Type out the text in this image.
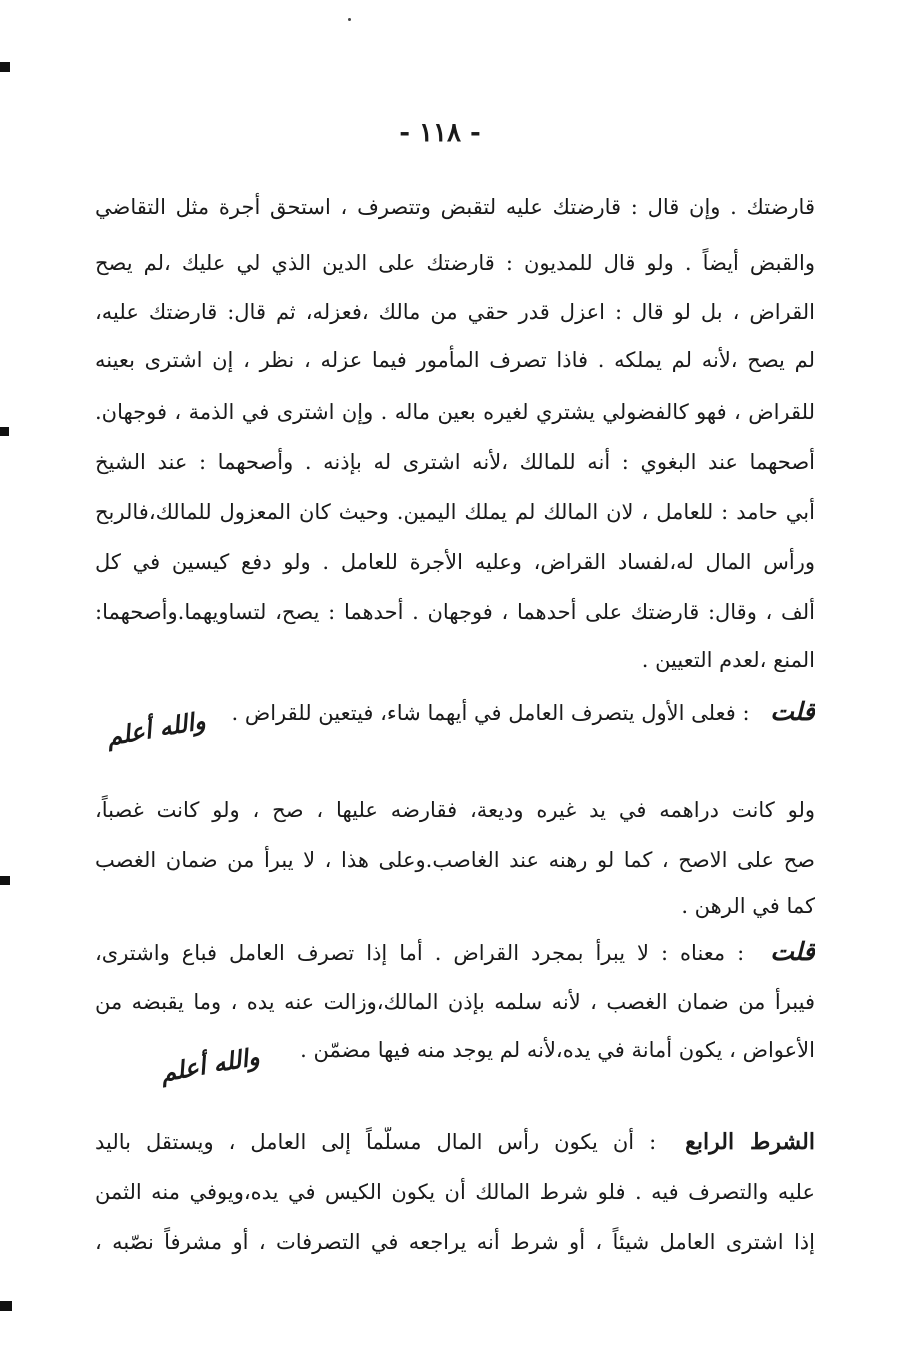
- ١١٨ -
قارضتك . وإن قال : قارضتك عليه لتقبض وتتصرف ، استحق أجرة مثل التقاضي
والقبض أيضاً . ولو قال للمديون : قارضتك على الدين الذي لي عليك ،لم يصح
القراض ، بل لو قال : اعزل قدر حقي من مالك ،فعزله، ثم قال: قارضتك عليه،
لم يصح ،لأنه لم يملكه . فاذا تصرف المأمور فيما عزله ، نظر ، إن اشترى بعينه
للقراض ، فهو كالفضولي يشتري لغيره بعين ماله . وإن اشترى في الذمة ، فوجهان.
أصحهما عند البغوي : أنه للمالك ،لأنه اشترى له بإذنه . وأصحهما : عند الشيخ
أبي حامد : للعامل ، لان المالك لم يملك اليمين. وحيث كان المعزول للمالك،فالربح
ورأس المال له،لفساد القراض، وعليه الأجرة للعامل . ولو دفع كيسين في كل
ألف ، وقال: قارضتك على أحدهما ، فوجهان . أحدهما : يصح، لتساويهما.وأصحهما:
المنع ،لعدم التعيين .
قلت : فعلى الأول يتصرف العامل في أيهما شاء، فيتعين للقراض .
والله أعلم
ولو كانت دراهمه في يد غيره وديعة، فقارضه عليها ، صح ، ولو كانت غصباً،
صح على الاصح ، كما لو رهنه عند الغاصب.وعلى هذا ، لا يبرأ من ضمان الغصب
كما في الرهن .
قلت : معناه : لا يبرأ بمجرد القراض . أما إذا تصرف العامل فباع واشترى،
فيبرأ من ضمان الغصب ، لأنه سلمه بإذن المالك،وزالت عنه يده ، وما يقبضه من
الأعواض ، يكون أمانة في يده،لأنه لم يوجد منه فيها مضمّن .
والله أعلم
الشرط الرابع : أن يكون رأس المال مسلّماً إلى العامل ، ويستقل باليد
عليه والتصرف فيه . فلو شرط المالك أن يكون الكيس في يده،ويوفي منه الثمن
إذا اشترى العامل شيئاً ، أو شرط أنه يراجعه في التصرفات ، أو مشرفاً نصّبه ،
